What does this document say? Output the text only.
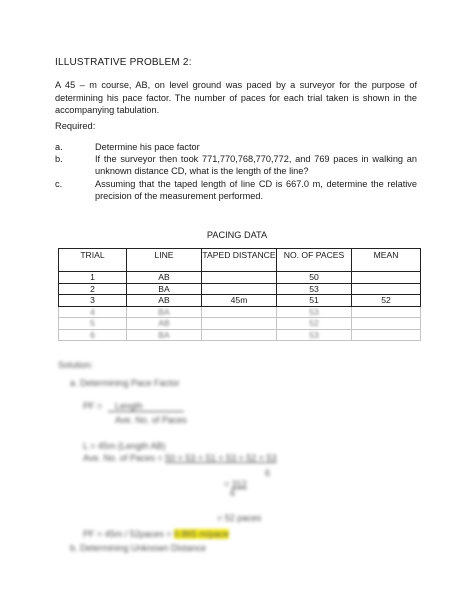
ILLUSTRATIVE PROBLEM 2:
A 45 – m course, AB, on level ground was paced by a surveyor for the purpose of determining his pace factor. The number of paces for each trial taken is shown in the accompanying tabulation.
Required:
a.	Determine his pace factor
b.	If the surveyor then took 771,770,768,770,772, and 769 paces in walking an unknown distance CD, what is the length of the line?
c.	Assuming that the taped length of line CD is 667.0 m, determine the relative precision of the measurement performed.
PACING DATA
TRIAL	LINE	TAPED DISTANCE	NO. OF PACES	MEAN
1	AB		50	
2	BA		53	
3	AB	45m	51	52
4	BA		53	
5	AB		52	
6	BA		53	
Solution:
a. Determining Pace Factor
PF = Length
Ave. No. of Paces
L = 45m (Length AB)
Ave. No. of Paces = 50 + 53 + 51 + 53 + 52 + 53
6
= 312
6
= 52 paces
PF = 45m / 52paces = 0.865 m/pace
b. Determining Unknown Distance
